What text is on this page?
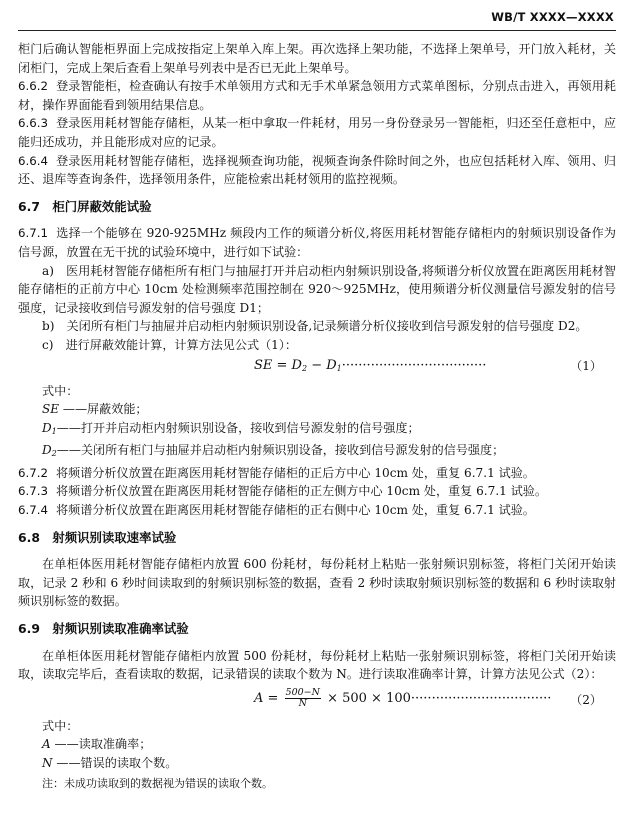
WB/T XXXX—XXXX

柜门后确认智能柜界面上完成按指定上架单入库上架。再次选择上架功能，不选择上架单号，开门放入耗材，关闭柜门，完成上架后查看上架单号列表中是否已无此上架单号。

6.6.2 登录智能柜，检查确认有按手术单领用方式和无手术单紧急领用方式菜单图标，分别点击进入，再领用耗材，操作界面能看到领用结果信息。

6.6.3 登录医用耗材智能存储柜，从某一柜中拿取一件耗材，用另一身份登录另一智能柜，归还至任意柜中，应能归还成功，并且能形成对应的记录。

6.6.4 登录医用耗材智能存储柜，选择视频查询功能，视频查询条件除时间之外，也应包括耗材入库、领用、归还、退库等查询条件，选择领用条件，应能检索出耗材领用的监控视频。

6.7　柜门屏蔽效能试验

6.7.1 选择一个能够在 920-925MHz 频段内工作的频谱分析仪,将医用耗材智能存储柜内的射频识别设备作为信号源，放置在无干扰的试验环境中，进行如下试验：

a)　医用耗材智能存储柜所有柜门与抽屉打开并启动柜内射频识别设备,将频谱分析仪放置在距离医用耗材智能存储柜的正前方中心 10cm 处检测频率范围控制在 920～925MHz，使用频谱分析仪测量信号源发射的信号强度，记录接收到信号源发射的信号强度 D1；

b)　关闭所有柜门与抽屉并启动柜内射频识别设备,记录频谱分析仪接收到信号源发射的信号强度 D2。

c)　进行屏蔽效能计算，计算方法见公式（1）：

SE = $D_2 - D_1\cdot\cdot\cdot\cdot\cdot\cdot\cdot\cdot\cdot\cdot\cdot\cdot\cdot\cdot\cdot\cdot\cdot\cdot\cdot\cdot\cdot\cdot\cdot\cdot\cdot\cdot\cdot\cdot\cdot\cdot\cdot\cdot\cdot\cdot\cdot$	（1）

式中：

SE ——屏蔽效能；

$D_1——$打开并启动柜内射频识别设备，接收到信号源发射的信号强度；

$D_2——$关闭所有柜门与抽屉并启动柜内射频识别设备，接收到信号源发射的信号强度；

6.7.2 将频谱分析仪放置在距离医用耗材智能存储柜的正后方中心 10cm 处，重复 6.7.1 试验。

6.7.3 将频谱分析仪放置在距离医用耗材智能存储柜的正左侧方中心 10cm 处，重复 6.7.1 试验。

6.7.4 将频谱分析仪放置在距离医用耗材智能存储柜的正右侧中心 10cm 处，重复 6.7.1 试验。

6.8　射频识别读取速率试验

在单柜体医用耗材智能存储柜内放置 600 份耗材，每份耗材上粘贴一张射频识别标签，将柜门关闭开始读取，记录 2 秒和 6 秒时间读取到的射频识别标签的数据，查看 2 秒时读取射频识别标签的数据和 6 秒时读取射频识别标签的数据。

6.9　射频识别读取准确率试验

在单柜体医用耗材智能存储柜内放置 500 份耗材，每份耗材上粘贴一张射频识别标签，将柜门关闭开始读取，读取完毕后，查看读取的数据，记录错误的读取个数为 N。进行读取准确率计算，计算方法见公式（2）：

$A = \frac{500-N}{N} \times 500 \times 100\cdot\cdot\cdot\cdot\cdot\cdot\cdot\cdot\cdot\cdot\cdot\cdot\cdot\cdot\cdot\cdot\cdot\cdot\cdot\cdot\cdot\cdot\cdot\cdot\cdot\cdot\cdot\cdot\cdot\cdot\cdot\cdot\cdot\cdot (2)$

式中：

A ——读取准确率；

N ——错误的读取个数。

注：未成功读取到的数据视为错误的读取个数。
